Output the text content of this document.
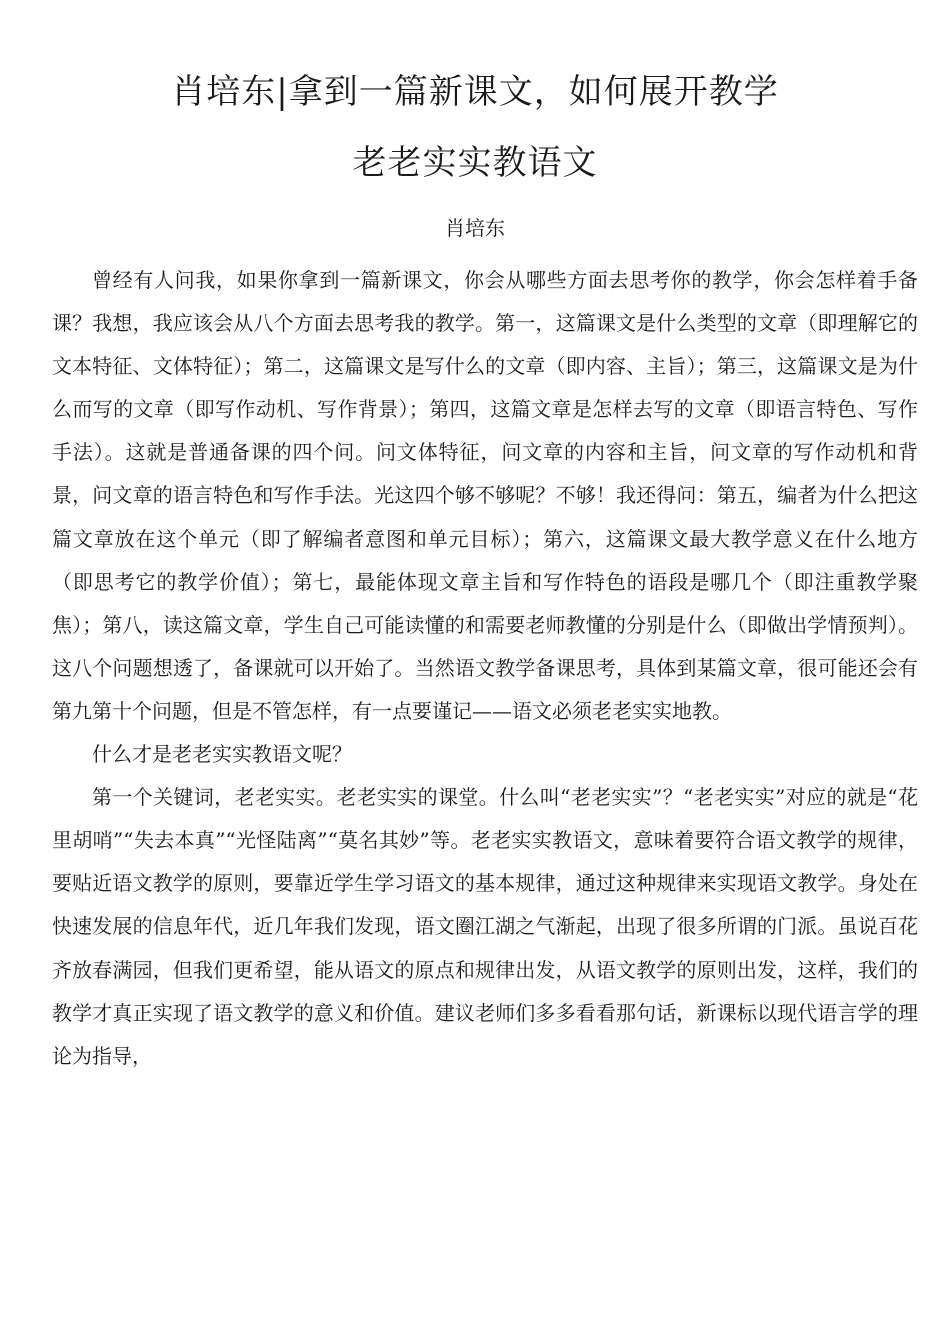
肖培东|拿到一篇新课文，如何展开教学
老老实实教语文
肖培东

曾经有人问我，如果你拿到一篇新课文，你会从哪些方面去思考你的教学，你会怎样着手备课？我想，我应该会从八个方面去思考我的教学。第一，这篇课文是什么类型的文章（即理解它的文本特征、文体特征）；第二，这篇课文是写什么的文章（即内容、主旨）；第三，这篇课文是为什么而写的文章（即写作动机、写作背景）；第四，这篇文章是怎样去写的文章（即语言特色、写作手法）。这就是普通备课的四个问。问文体特征，问文章的内容和主旨，问文章的写作动机和背景，问文章的语言特色和写作手法。光这四个够不够呢？不够！我还得问：第五，编者为什么把这篇文章放在这个单元（即了解编者意图和单元目标）；第六，这篇课文最大教学意义在什么地方（即思考它的教学价值）；第七，最能体现文章主旨和写作特色的语段是哪几个（即注重教学聚焦）；第八，读这篇文章，学生自己可能读懂的和需要老师教懂的分别是什么（即做出学情预判）。这八个问题想透了，备课就可以开始了。当然语文教学备课思考，具体到某篇文章，很可能还会有第九第十个问题，但是不管怎样，有一点要谨记——语文必须老老实实地教。

什么才是老老实实教语文呢？

第一个关键词，老老实实。老老实实的课堂。什么叫“老老实实”？“老老实实”对应的就是“花里胡哨”“失去本真”“光怪陆离”“莫名其妙”等。老老实实教语文，意味着要符合语文教学的规律，要贴近语文教学的原则，要靠近学生学习语文的基本规律，通过这种规律来实现语文教学。身处在快速发展的信息年代，近几年我们发现，语文圈江湖之气渐起，出现了很多所谓的门派。虽说百花齐放春满园，但我们更希望，能从语文的原点和规律出发，从语文教学的原则出发，这样，我们的教学才真正实现了语文教学的意义和价值。建议老师们多多看看那句话，新课标以现代语言学的理论为指导，
